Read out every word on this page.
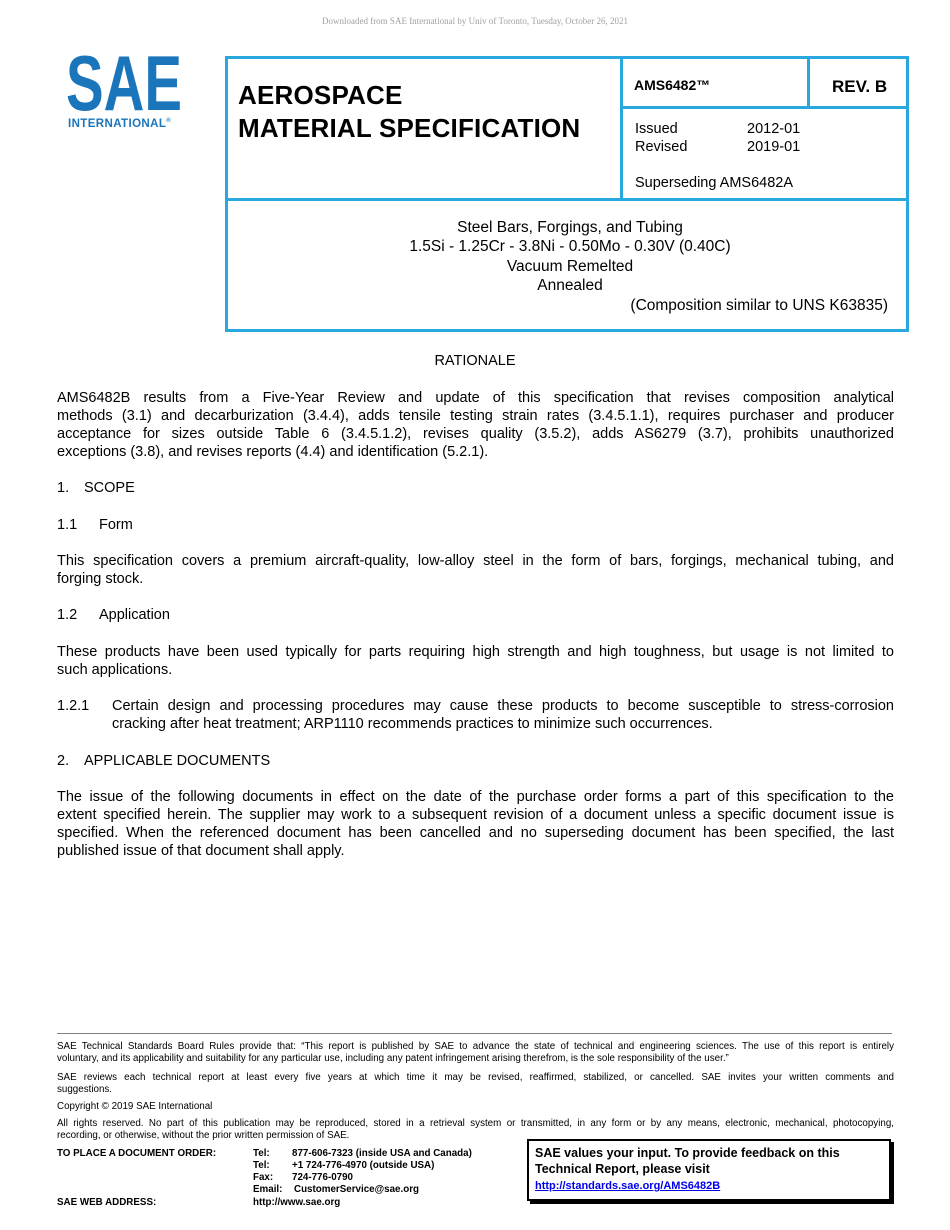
Downloaded from SAE International by Univ of Toronto, Tuesday, October 26, 2021
SAE
INTERNATIONAL®
AEROSPACE
MATERIAL SPECIFICATION
AMS6482™	REV. B
Issued	2012-01
Revised	2019-01
Superseding AMS6482A
Steel Bars, Forgings, and Tubing
1.5Si - 1.25Cr - 3.8Ni - 0.50Mo - 0.30V (0.40C)
Vacuum Remelted
Annealed
(Composition similar to UNS K63835)
RATIONALE
AMS6482B results from a Five-Year Review and update of this specification that revises composition analytical
methods (3.1) and decarburization (3.4.4), adds tensile testing strain rates (3.4.5.1.1), requires purchaser and producer
acceptance for sizes outside Table 6 (3.4.5.1.2), revises quality (3.5.2), adds AS6279 (3.7), prohibits unauthorized
exceptions (3.8), and revises reports (4.4) and identification (5.2.1).
1. SCOPE
1.1 Form
This specification covers a premium aircraft-quality, low-alloy steel in the form of bars, forgings, mechanical tubing, and
forging stock.
1.2 Application
These products have been used typically for parts requiring high strength and high toughness, but usage is not limited to
such applications.
1.2.1 Certain design and processing procedures may cause these products to become susceptible to stress-corrosion
cracking after heat treatment; ARP1110 recommends practices to minimize such occurrences.
2. APPLICABLE DOCUMENTS
The issue of the following documents in effect on the date of the purchase order forms a part of this specification to the
extent specified herein. The supplier may work to a subsequent revision of a document unless a specific document issue is
specified. When the referenced document has been cancelled and no superseding document has been specified, the last
published issue of that document shall apply.
SAE Technical Standards Board Rules provide that: “This report is published by SAE to advance the state of technical and engineering sciences. The use of this report is entirely
voluntary, and its applicability and suitability for any particular use, including any patent infringement arising therefrom, is the sole responsibility of the user.”
SAE reviews each technical report at least every five years at which time it may be revised, reaffirmed, stabilized, or cancelled. SAE invites your written comments and
suggestions.
Copyright © 2019 SAE International
All rights reserved. No part of this publication may be reproduced, stored in a retrieval system or transmitted, in any form or by any means, electronic, mechanical, photocopying,
recording, or otherwise, without the prior written permission of SAE.
TO PLACE A DOCUMENT ORDER:	Tel: 877-606-7323 (inside USA and Canada)
Tel: +1 724-776-4970 (outside USA)
Fax: 724-776-0790
Email: CustomerService@sae.org
SAE WEB ADDRESS:	http://www.sae.org
SAE values your input. To provide feedback on this
Technical Report, please visit
http://standards.sae.org/AMS6482B
